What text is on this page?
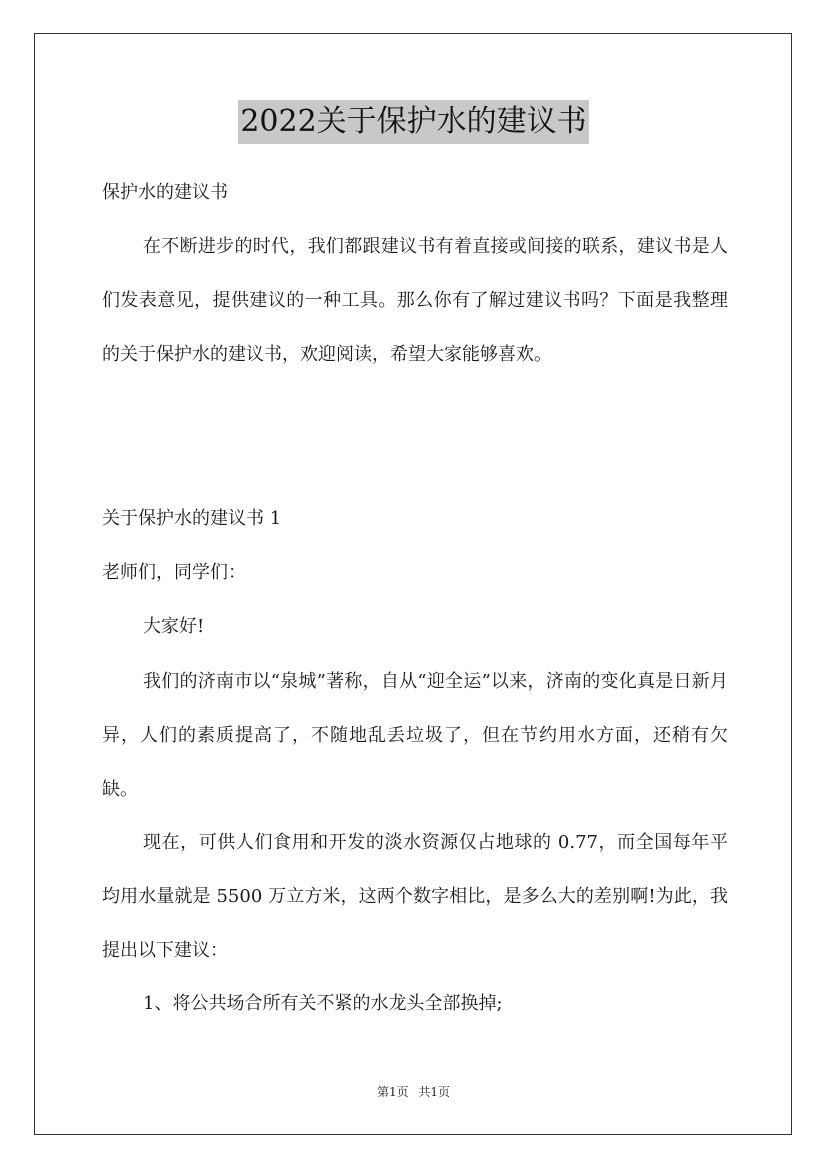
2022关于保护水的建议书

保护水的建议书

在不断进步的时代，我们都跟建议书有着直接或间接的联系，建议书是人们发表意见，提供建议的一种工具。那么你有了解过建议书吗？下面是我整理的关于保护水的建议书，欢迎阅读，希望大家能够喜欢。

关于保护水的建议书 1

老师们，同学们：

大家好!

我们的济南市以“泉城”著称，自从“迎全运”以来，济南的变化真是日新月异，人们的素质提高了，不随地乱丢垃圾了，但在节约用水方面，还稍有欠缺。

现在，可供人们食用和开发的淡水资源仅占地球的 0.77，而全国每年平均用水量就是 5500 万立方米，这两个数字相比，是多么大的差别啊!为此，我提出以下建议：

1、将公共场合所有关不紧的水龙头全部换掉;

第1页 共1页
